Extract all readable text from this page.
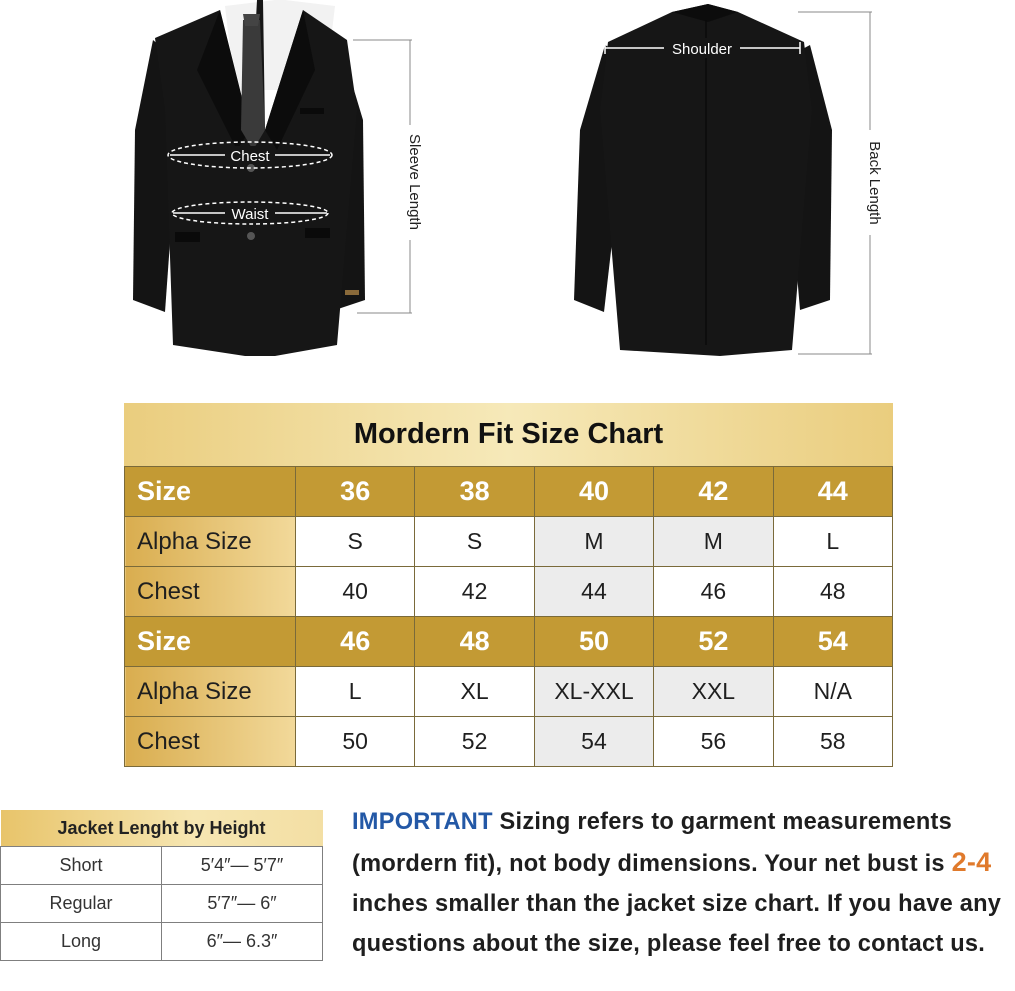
Chest
Waist	Sleeve Length
Shoulder
Back Length
Mordern Fit Size Chart
Size	36	38	40	42	44
Alpha Size	S	S	M	M	L
Chest	40	42	44	46	48
Size	46	48	50	52	54
Alpha Size	L	XL	XL-XXL	XXL	N/A
Chest	50	52	54	56	58
Jacket Lenght by Height	
Short	5′4″— 5′7″
Regular	5′7″— 6″
Long	6″— 6.3″
IMPORTANT Sizing refers to garment measurements (mordern fit), not body dimensions. Your net bust is 2-4 inches smaller than the jacket size chart. If you have any questions about the size, please feel free to contact us.
